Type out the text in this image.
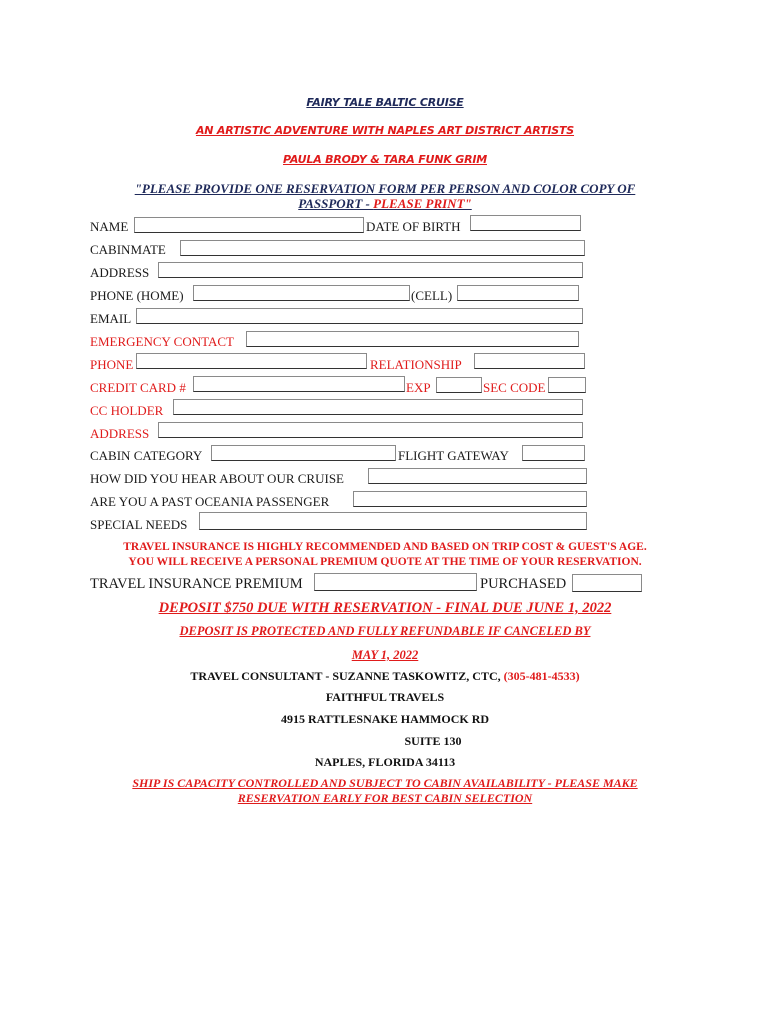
FAIRY TALE BALTIC CRUISE
AN ARTISTIC ADVENTURE WITH NAPLES ART DISTRICT ARTISTS
PAULA BRODY & TARA FUNK GRIM
"PLEASE PROVIDE ONE RESERVATION FORM PER PERSON AND COLOR COPY OF
PASSPORT - PLEASE PRINT"
NAME	DATE OF BIRTH
CABINMATE
ADDRESS
PHONE (HOME)	(CELL)
EMAIL
EMERGENCY CONTACT
PHONE	RELATIONSHIP
CREDIT CARD #	EXP	SEC CODE
CC HOLDER
ADDRESS
CABIN CATEGORY	FLIGHT GATEWAY
HOW DID YOU HEAR ABOUT OUR CRUISE
ARE YOU A PAST OCEANIA PASSENGER
SPECIAL NEEDS
TRAVEL INSURANCE IS HIGHLY RECOMMENDED AND BASED ON TRIP COST & GUEST'S AGE.
YOU WILL RECEIVE A PERSONAL PREMIUM QUOTE AT THE TIME OF YOUR RESERVATION.
TRAVEL INSURANCE PREMIUM	PURCHASED
DEPOSIT $750 DUE WITH RESERVATION - FINAL DUE JUNE 1, 2022
DEPOSIT IS PROTECTED AND FULLY REFUNDABLE IF CANCELED BY
MAY 1, 2022
TRAVEL CONSULTANT - SUZANNE TASKOWITZ, CTC, (305-481-4533)
FAITHFUL TRAVELS
4915 RATTLESNAKE HAMMOCK RD
SUITE 130
NAPLES, FLORIDA 34113
SHIP IS CAPACITY CONTROLLED AND SUBJECT TO CABIN AVAILABILITY - PLEASE MAKE
RESERVATION EARLY FOR BEST CABIN SELECTION
